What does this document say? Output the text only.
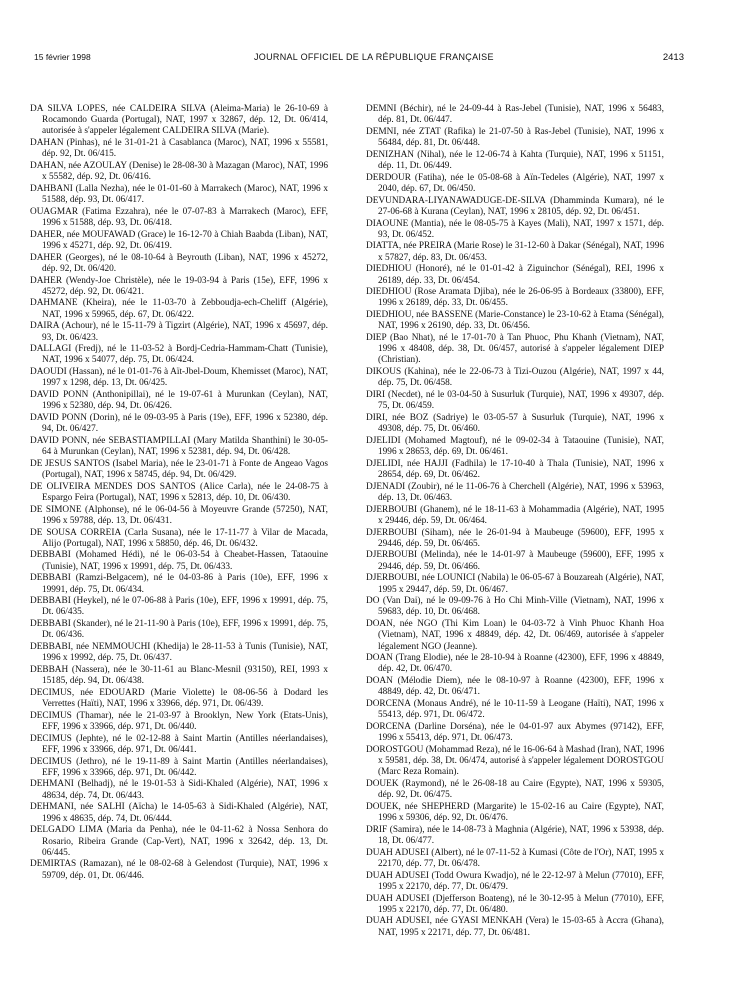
15 février 1998	JOURNAL OFFICIEL DE LA RÉPUBLIQUE FRANÇAISE	2413

DA SILVA LOPES, née CALDEIRA SILVA (Aleima-Maria) le 26-10-69 à Rocamondo Guarda (Portugal), NAT, 1997 x 32867, dép. 12, Dt. 06/414, autorisée à s'appeler légalement CALDEIRA SILVA (Marie).

DAHAN (Pinhas), né le 31-01-21 à Casablanca (Maroc), NAT, 1996 x 55581, dép. 92, Dt. 06/415.

DAHAN, née AZOULAY (Denise) le 28-08-30 à Mazagan (Maroc), NAT, 1996 x 55582, dép. 92, Dt. 06/416.

DAHBANI (Lalla Nezha), née le 01-01-60 à Marrakech (Maroc), NAT, 1996 x 51588, dép. 93, Dt. 06/417.

OUAGMAR (Fatima Ezzahra), née le 07-07-83 à Marrakech (Maroc), EFF, 1996 x 51588, dép. 93, Dt. 06/418.

DAHER, née MOUFAWAD (Grace) le 16-12-70 à Chiah Baabda (Liban), NAT, 1996 x 45271, dép. 92, Dt. 06/419.

DAHER (Georges), né le 08-10-64 à Beyrouth (Liban), NAT, 1996 x 45272, dép. 92, Dt. 06/420.

DAHER (Wendy-Joe Christèle), née le 19-03-94 à Paris (15e), EFF, 1996 x 45272, dép. 92, Dt. 06/421.

DAHMANE (Kheira), née le 11-03-70 à Zebboudja-ech-Cheliff (Algérie), NAT, 1996 x 59965, dép. 67, Dt. 06/422.

DAIRA (Achour), né le 15-11-79 à Tigzirt (Algérie), NAT, 1996 x 45697, dép. 93, Dt. 06/423.

DALLAGI (Fredj), né le 11-03-52 à Bordj-Cedria-Hammam-Chatt (Tunisie), NAT, 1996 x 54077, dép. 75, Dt. 06/424.

DAOUDI (Hassan), né le 01-01-76 à Aït-Jbel-Doum, Khemisset (Maroc), NAT, 1997 x 1298, dép. 13, Dt. 06/425.

DAVID PONN (Anthonipillai), né le 19-07-61 à Murunkan (Ceylan), NAT, 1996 x 52380, dép. 94, Dt. 06/426.

DAVID PONN (Dorin), né le 09-03-95 à Paris (19e), EFF, 1996 x 52380, dép. 94, Dt. 06/427.

DAVID PONN, née SEBASTIAMPILLAI (Mary Matilda Shanthini) le 30-05-64 à Murunkan (Ceylan), NAT, 1996 x 52381, dép. 94, Dt. 06/428.

DE JESUS SANTOS (Isabel Maria), née le 23-01-71 à Fonte de Angeao Vagos (Portugal), NAT, 1996 x 58745, dép. 94, Dt. 06/429.

DE OLIVEIRA MENDES DOS SANTOS (Alice Carla), née le 24-08-75 à Espargo Feira (Portugal), NAT, 1996 x 52813, dép. 10, Dt. 06/430.

DE SIMONE (Alphonse), né le 06-04-56 à Moyeuvre Grande (57250), NAT, 1996 x 59788, dép. 13, Dt. 06/431.

DE SOUSA CORREIA (Carla Susana), née le 17-11-77 à Vilar de Macada, Alijo (Portugal), NAT, 1996 x 58850, dép. 46, Dt. 06/432.

DEBBABI (Mohamed Hédi), né le 06-03-54 à Cheabet-Hassen, Tataouine (Tunisie), NAT, 1996 x 19991, dép. 75, Dt. 06/433.

DEBBABI (Ramzi-Belgacem), né le 04-03-86 à Paris (10e), EFF, 1996 x 19991, dép. 75, Dt. 06/434.

DEBBABI (Heykel), né le 07-06-88 à Paris (10e), EFF, 1996 x 19991, dép. 75, Dt. 06/435.

DEBBABI (Skander), né le 21-11-90 à Paris (10e), EFF, 1996 x 19991, dép. 75, Dt. 06/436.

DEBBABI, née NEMMOUCHI (Khedija) le 28-11-53 à Tunis (Tunisie), NAT, 1996 x 19992, dép. 75, Dt. 06/437.

DEBBAH (Nassera), née le 30-11-61 au Blanc-Mesnil (93150), REI, 1993 x 15185, dép. 94, Dt. 06/438.

DECIMUS, née EDOUARD (Marie Violette) le 08-06-56 à Dodard les Verrettes (Haïti), NAT, 1996 x 33966, dép. 971, Dt. 06/439.

DECIMUS (Thamar), née le 21-03-97 à Brooklyn, New York (Etats-Unis), EFF, 1996 x 33966, dép. 971, Dt. 06/440.

DECIMUS (Jephte), né le 02-12-88 à Saint Martin (Antilles néerlandaises), EFF, 1996 x 33966, dép. 971, Dt. 06/441.

DECIMUS (Jethro), né le 19-11-89 à Saint Martin (Antilles néerlandaises), EFF, 1996 x 33966, dép. 971, Dt. 06/442.

DEHMANI (Belhadj), né le 19-01-53 à Sidi-Khaled (Algérie), NAT, 1996 x 48634, dép. 74, Dt. 06/443.

DEHMANI, née SALHI (Aïcha) le 14-05-63 à Sidi-Khaled (Algérie), NAT, 1996 x 48635, dép. 74, Dt. 06/444.

DELGADO LIMA (Maria da Penha), née le 04-11-62 à Nossa Senhora do Rosario, Ribeira Grande (Cap-Vert), NAT, 1996 x 32642, dép. 13, Dt. 06/445.

DEMIRTAS (Ramazan), né le 08-02-68 à Gelendost (Turquie), NAT, 1996 x 59709, dép. 01, Dt. 06/446.

DEMNI (Béchir), né le 24-09-44 à Ras-Jebel (Tunisie), NAT, 1996 x 56483, dép. 81, Dt. 06/447.

DEMNI, née ZTAT (Rafika) le 21-07-50 à Ras-Jebel (Tunisie), NAT, 1996 x 56484, dép. 81, Dt. 06/448.

DENIZHAN (Nihal), née le 12-06-74 à Kahta (Turquie), NAT, 1996 x 51151, dép. 11, Dt. 06/449.

DERDOUR (Fatiha), née le 05-08-68 à Aïn-Tedeles (Algérie), NAT, 1997 x 2040, dép. 67, Dt. 06/450.

DEVUNDARA-LIYANAWADUGE-DE-SILVA (Dhamminda Kumara), né le 27-06-68 à Kurana (Ceylan), NAT, 1996 x 28105, dép. 92, Dt. 06/451.

DIAOUNE (Mantia), née le 08-05-75 à Kayes (Mali), NAT, 1997 x 1571, dép. 93, Dt. 06/452.

DIATTA, née PREIRA (Marie Rose) le 31-12-60 à Dakar (Sénégal), NAT, 1996 x 57827, dép. 83, Dt. 06/453.

DIEDHIOU (Honoré), né le 01-01-42 à Ziguinchor (Sénégal), REI, 1996 x 26189, dép. 33, Dt. 06/454.

DIEDHIOU (Rose Aramata Djiba), née le 26-06-95 à Bordeaux (33800), EFF, 1996 x 26189, dép. 33, Dt. 06/455.

DIEDHIOU, née BASSENE (Marie-Constance) le 23-10-62 à Etama (Sénégal), NAT, 1996 x 26190, dép. 33, Dt. 06/456.

DIEP (Bao Nhat), né le 17-01-70 à Tan Phuoc, Phu Khanh (Vietnam), NAT, 1996 x 48408, dép. 38, Dt. 06/457, autorisé à s'appeler légalement DIEP (Christian).

DIKOUS (Kahina), née le 22-06-73 à Tizi-Ouzou (Algérie), NAT, 1997 x 44, dép. 75, Dt. 06/458.

DIRI (Necdet), né le 03-04-50 à Susurluk (Turquie), NAT, 1996 x 49307, dép. 75, Dt. 06/459.

DIRI, née BOZ (Sadriye) le 03-05-57 à Susurluk (Turquie), NAT, 1996 x 49308, dép. 75, Dt. 06/460.

DJELIDI (Mohamed Magtouf), né le 09-02-34 à Tataouine (Tunisie), NAT, 1996 x 28653, dép. 69, Dt. 06/461.

DJELIDI, née HAJJI (Fadhila) le 17-10-40 à Thala (Tunisie), NAT, 1996 x 28654, dép. 69, Dt. 06/462.

DJENADI (Zoubir), né le 11-06-76 à Cherchell (Algérie), NAT, 1996 x 53963, dép. 13, Dt. 06/463.

DJERBOUBI (Ghanem), né le 18-11-63 à Mohammadia (Algérie), NAT, 1995 x 29446, dép. 59, Dt. 06/464.

DJERBOUBI (Siham), née le 26-01-94 à Maubeuge (59600), EFF, 1995 x 29446, dép. 59, Dt. 06/465.

DJERBOUBI (Melinda), née le 14-01-97 à Maubeuge (59600), EFF, 1995 x 29446, dép. 59, Dt. 06/466.

DJERBOUBI, née LOUNICI (Nabila) le 06-05-67 à Bouzareah (Algérie), NAT, 1995 x 29447, dép. 59, Dt. 06/467.

DO (Van Dai), né le 09-09-76 à Ho Chi Minh-Ville (Vietnam), NAT, 1996 x 59683, dép. 10, Dt. 06/468.

DOAN, née NGO (Thi Kim Loan) le 04-03-72 à Vinh Phuoc Khanh Hoa (Vietnam), NAT, 1996 x 48849, dép. 42, Dt. 06/469, autorisée à s'appeler légalement NGO (Jeanne).

DOAN (Trang Elodie), née le 28-10-94 à Roanne (42300), EFF, 1996 x 48849, dép. 42, Dt. 06/470.

DOAN (Mélodie Diem), née le 08-10-97 à Roanne (42300), EFF, 1996 x 48849, dép. 42, Dt. 06/471.

DORCENA (Monaus André), né le 10-11-59 à Leogane (Haïti), NAT, 1996 x 55413, dép. 971, Dt. 06/472.

DORCENA (Darline Dorséna), née le 04-01-97 aux Abymes (97142), EFF, 1996 x 55413, dép. 971, Dt. 06/473.

DOROSTGOU (Mohammad Reza), né le 16-06-64 à Mashad (Iran), NAT, 1996 x 59581, dép. 38, Dt. 06/474, autorisé à s'appeler légalement DOROSTGOU (Marc Reza Romain).

DOUEK (Raymond), né le 26-08-18 au Caire (Egypte), NAT, 1996 x 59305, dép. 92, Dt. 06/475.

DOUEK, née SHEPHERD (Margarite) le 15-02-16 au Caire (Egypte), NAT, 1996 x 59306, dép. 92, Dt. 06/476.

DRIF (Samira), née le 14-08-73 à Maghnia (Algérie), NAT, 1996 x 53938, dép. 18, Dt. 06/477.

DUAH ADUSEI (Albert), né le 07-11-52 à Kumasi (Côte de l'Or), NAT, 1995 x 22170, dép. 77, Dt. 06/478.

DUAH ADUSEI (Todd Owura Kwadjo), né le 22-12-97 à Melun (77010), EFF, 1995 x 22170, dép. 77, Dt. 06/479.

DUAH ADUSEI (Djefferson Boateng), né le 30-12-95 à Melun (77010), EFF, 1995 x 22170, dép. 77, Dt. 06/480.

DUAH ADUSEI, née GYASI MENKAH (Vera) le 15-03-65 à Accra (Ghana), NAT, 1995 x 22171, dép. 77, Dt. 06/481.
